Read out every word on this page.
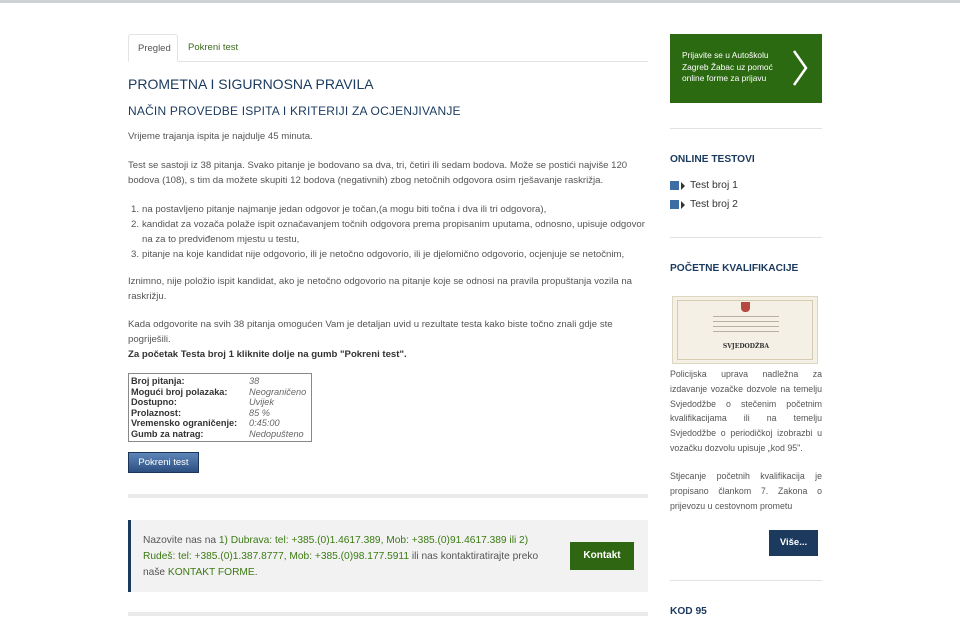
Pregled	Pokreni test
PROMETNA I SIGURNOSNA PRAVILA
NAČIN PROVEDBE ISPITA I KRITERIJI ZA OCJENJIVANJE
Vrijeme trajanja ispita je najdulje 45 minuta.
Test se sastoji iz 38 pitanja. Svako pitanje je bodovano sa dva, tri, četiri ili sedam bodova. Može se postići najviše 120 bodova (108), s tim da možete skupiti 12 bodova (negativnih) zbog netočnih odgovora osim rješavanje raskrižja.
1. na postavljeno pitanje najmanje jedan odgovor je točan,(a mogu biti točna i dva ili tri odgovora),
2. kandidat za vozača polaže ispit označavanjem točnih odgovora prema propisanim uputama, odnosno, upisuje odgovor na za to predviđenom mjestu u testu,
3. pitanje na koje kandidat nije odgovorio, ili je netočno odgovorio, ili je djelomično odgovorio, ocjenjuje se netočnim,
Iznimno, nije položio ispit kandidat, ako je netočno odgovorio na pitanje koje se odnosi na pravila propuštanja vozila na raskrižju.
Kada odgovorite na svih 38 pitanja omogućen Vam je detaljan uvid u rezultate testa kako biste točno znali gdje ste pogriješili.
Za početak Testa broj 1 kliknite dolje na gumb "Pokreni test".
Broj pitanja:	38
Mogući broj polazaka:	Neograničeno
Dostupno:	Uvijek
Prolaznost:	85 %
Vremensko ograničenje:	0:45:00
Gumb za natrag:	Nedopušteno
Pokreni test
Nazovite nas na 1) Dubrava: tel: +385.(0)1.4617.389, Mob: +385.(0)91.4617.389 ili 2) Rudeš: tel: +385.(0)1.387.8777, Mob: +385.(0)98.177.5911 ili nas kontaktiratirajte preko naše KONTAKT FORME.
Kontakt
Prijavite se u Autoškolu Zagreb Žabac uz pomoć online forme za prijavu
ONLINE TESTOVI
Test broj 1
Test broj 2
POČETNE KVALIFIKACIJE
SVJEDODŽBA
Policijska uprava nadležna za izdavanje vozačke dozvole na temelju Svjedodžbe o stečenim početnim kvalifikacijama ili na temelju Svjedodžbe o periodičkoj izobrazbi u vozačku dozvolu upisuje „kod 95".
Stjecanje početnih kvalifikacija je propisano člankom 7. Zakona o prijevozu u cestovnom prometu
Više...
KOD 95
